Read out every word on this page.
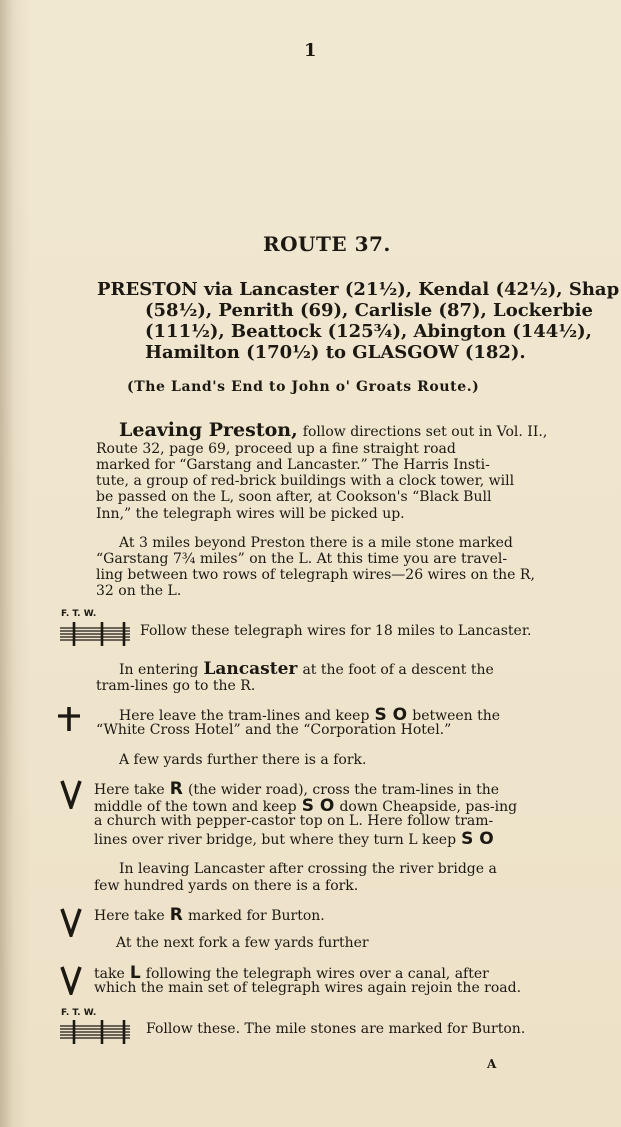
1
ROUTE 37.
PRESTON via Lancaster (21½), Kendal (42½), Shap
(58½), Penrith (69), Carlisle (87), Lockerbie
(111½), Beattock (125¾), Abington (144½),
Hamilton (170½) to GLASGOW (182).
(The Land's End to John o' Groats Route.)
Leaving Preston, follow directions set out in Vol. II.,
Route 32, page 69, proceed up a fine straight road
marked for “Garstang and Lancaster.” The Harris Insti-
tute, a group of red-brick buildings with a clock tower, will
be passed on the L, soon after, at Cookson's “Black Bull
Inn,” the telegraph wires will be picked up.
At 3 miles beyond Preston there is a mile stone marked
“Garstang 7¾ miles” on the L. At this time you are travel-
ling between two rows of telegraph wires—26 wires on the R,
32 on the L.
F. T. W.
Follow these telegraph wires for 18 miles to Lancaster.
In entering Lancaster at the foot of a descent the
tram-lines go to the R.
Here leave the tram-lines and keep S O between the
“White Cross Hotel” and the “Corporation Hotel.”
A few yards further there is a fork.
Here take R (the wider road), cross the tram-lines in the
middle of the town and keep S O down Cheapside, pas-ing
a church with pepper-castor top on L. Here follow tram-
lines over river bridge, but where they turn L keep S O
In leaving Lancaster after crossing the river bridge a
few hundred yards on there is a fork.
Here take R marked for Burton.
At the next fork a few yards further
take L following the telegraph wires over a canal, after
which the main set of telegraph wires again rejoin the road.
F. T. W.
Follow these. The mile stones are marked for Burton.
A
